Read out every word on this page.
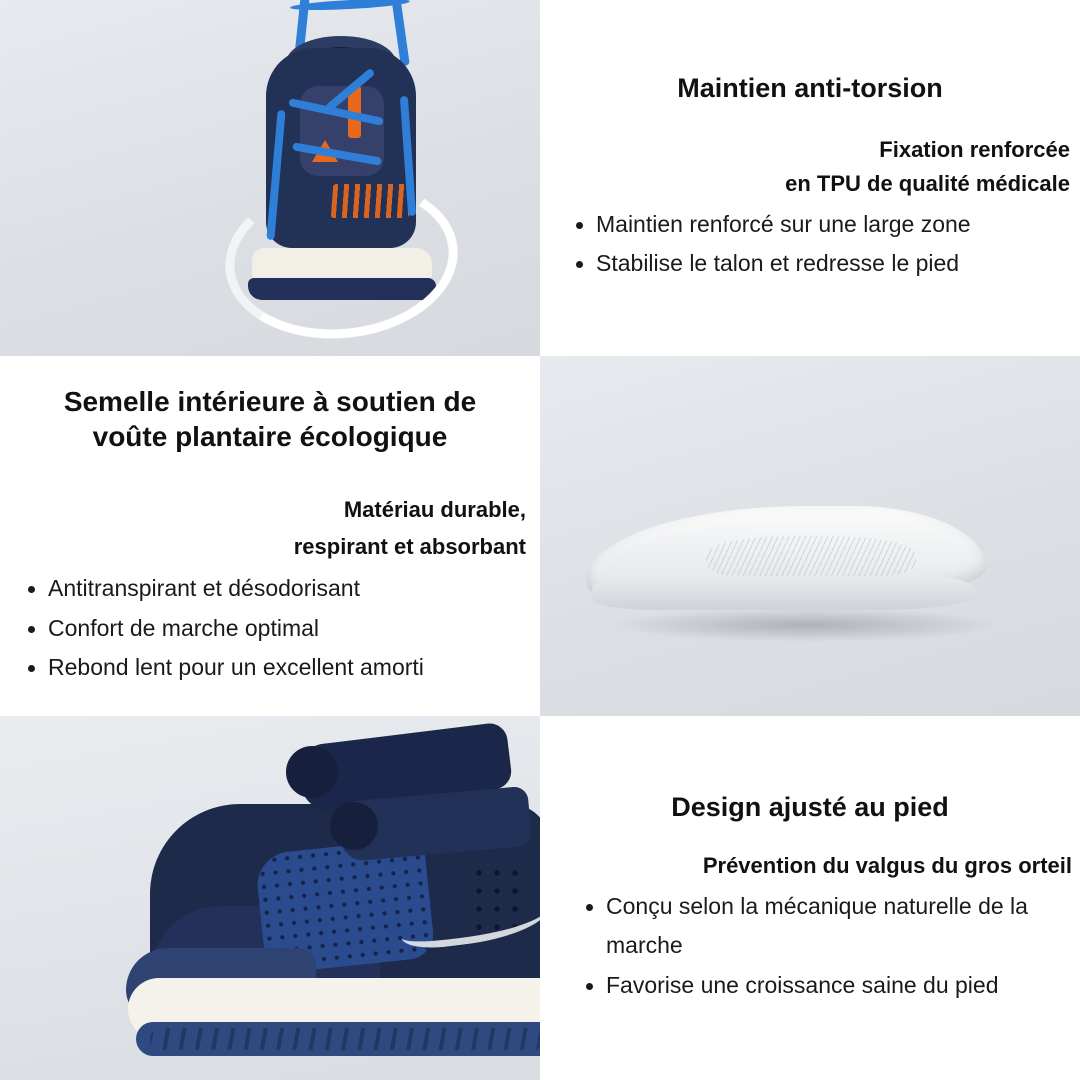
Maintien anti-torsion
Fixation renforcée
en TPU de qualité médicale
Maintien renforcé sur une large zone
Stabilise le talon et redresse le pied
Semelle intérieure à soutien de
voûte plantaire écologique
Matériau durable,
respirant et absorbant
Antitranspirant et désodorisant
Confort de marche optimal
Rebond lent pour un excellent amorti
Design ajusté au pied
Prévention du valgus du gros orteil
Conçu selon la mécanique naturelle de la marche
Favorise une croissance saine du pied
